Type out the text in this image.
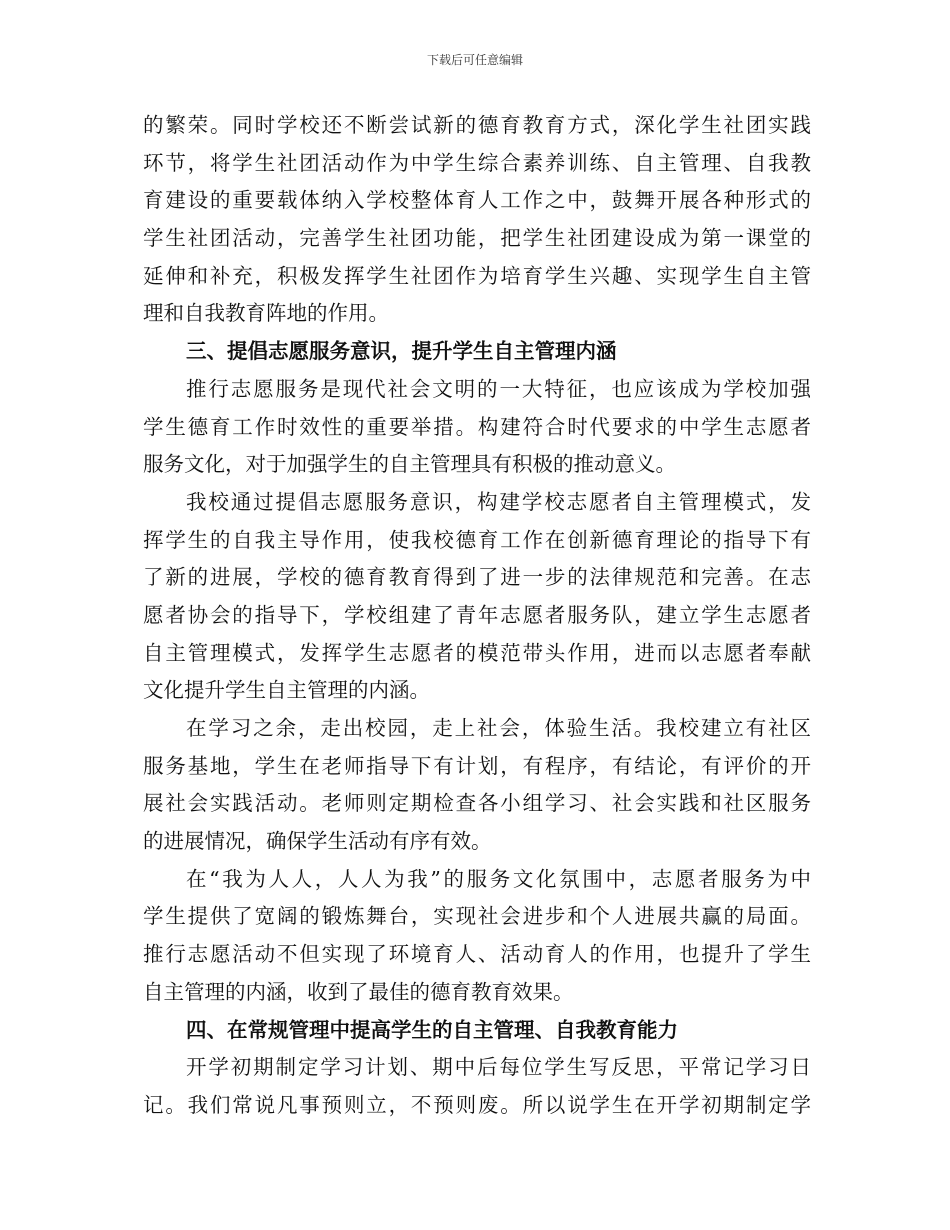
下载后可任意编辑
的繁荣。同时学校还不断尝试新的德育教育方式，深化学生社团实践
环节，将学生社团活动作为中学生综合素养训练、自主管理、自我教
育建设的重要载体纳入学校整体育人工作之中，鼓舞开展各种形式的
学生社团活动，完善学生社团功能，把学生社团建设成为第一课堂的
延伸和补充，积极发挥学生社团作为培育学生兴趣、实现学生自主管
理和自我教育阵地的作用。
三、提倡志愿服务意识，提升学生自主管理内涵
推行志愿服务是现代社会文明的一大特征，也应该成为学校加强
学生德育工作时效性的重要举措。构建符合时代要求的中学生志愿者
服务文化，对于加强学生的自主管理具有积极的推动意义。
我校通过提倡志愿服务意识，构建学校志愿者自主管理模式，发
挥学生的自我主导作用，使我校德育工作在创新德育理论的指导下有
了新的进展，学校的德育教育得到了进一步的法律规范和完善。在志
愿者协会的指导下，学校组建了青年志愿者服务队，建立学生志愿者
自主管理模式，发挥学生志愿者的模范带头作用，进而以志愿者奉献
文化提升学生自主管理的内涵。
在学习之余，走出校园，走上社会，体验生活。我校建立有社区
服务基地，学生在老师指导下有计划，有程序，有结论，有评价的开
展社会实践活动。老师则定期检查各小组学习、社会实践和社区服务
的进展情况，确保学生活动有序有效。
在“我为人人，人人为我”的服务文化氛围中，志愿者服务为中
学生提供了宽阔的锻炼舞台，实现社会进步和个人进展共赢的局面。
推行志愿活动不但实现了环境育人、活动育人的作用，也提升了学生
自主管理的内涵，收到了最佳的德育教育效果。
四、在常规管理中提高学生的自主管理、自我教育能力
开学初期制定学习计划、期中后每位学生写反思，平常记学习日
记。我们常说凡事预则立，不预则废。所以说学生在开学初期制定学
